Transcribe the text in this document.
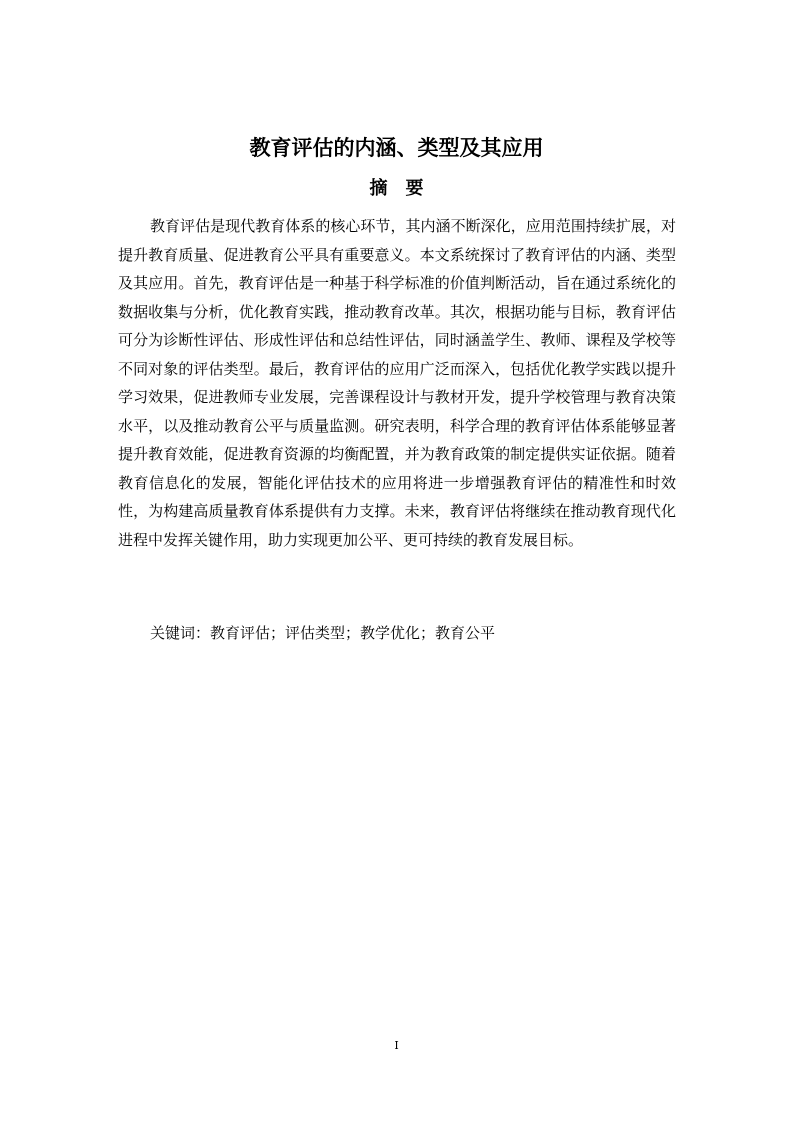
教育评估的内涵、类型及其应用
摘　要

教育评估是现代教育体系的核心环节，其内涵不断深化，应用范围持续扩展，对提升教育质量、促进教育公平具有重要意义。本文系统探讨了教育评估的内涵、类型及其应用。首先，教育评估是一种基于科学标准的价值判断活动，旨在通过系统化的数据收集与分析，优化教育实践，推动教育改革。其次，根据功能与目标，教育评估可分为诊断性评估、形成性评估和总结性评估，同时涵盖学生、教师、课程及学校等不同对象的评估类型。最后，教育评估的应用广泛而深入，包括优化教学实践以提升学习效果，促进教师专业发展，完善课程设计与教材开发，提升学校管理与教育决策水平，以及推动教育公平与质量监测。研究表明，科学合理的教育评估体系能够显著提升教育效能，促进教育资源的均衡配置，并为教育政策的制定提供实证依据。随着教育信息化的发展，智能化评估技术的应用将进一步增强教育评估的精准性和时效性，为构建高质量教育体系提供有力支撑。未来，教育评估将继续在推动教育现代化进程中发挥关键作用，助力实现更加公平、更可持续的教育发展目标。

关键词：教育评估；评估类型；教学优化；教育公平

I
